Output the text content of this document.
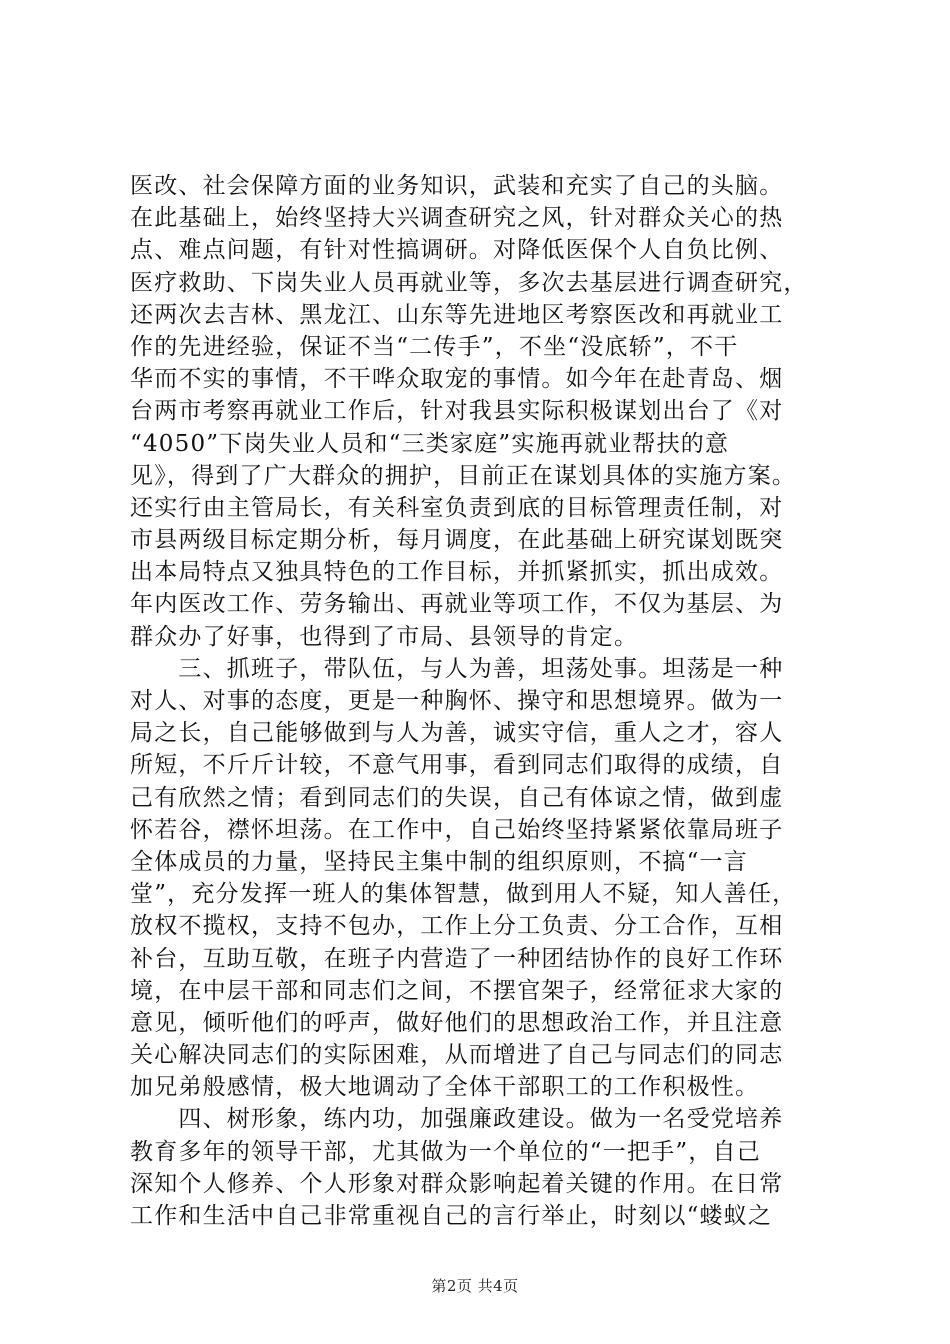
医改、社会保障方面的业务知识，武装和充实了自己的头脑。
在此基础上，始终坚持大兴调查研究之风，针对群众关心的热
点、难点问题，有针对性搞调研。对降低医保个人自负比例、
医疗救助、下岗失业人员再就业等，多次去基层进行调查研究，
还两次去吉林、黑龙江、山东等先进地区考察医改和再就业工
作的先进经验，保证不当“二传手”，不坐“没底轿”，不干
华而不实的事情，不干哗众取宠的事情。如今年在赴青岛、烟
台两市考察再就业工作后，针对我县实际积极谋划出台了《对
“4050”下岗失业人员和“三类家庭”实施再就业帮扶的意
见》，得到了广大群众的拥护，目前正在谋划具体的实施方案。
还实行由主管局长，有关科室负责到底的目标管理责任制，对
市县两级目标定期分析，每月调度，在此基础上研究谋划既突
出本局特点又独具特色的工作目标，并抓紧抓实，抓出成效。
年内医改工作、劳务输出、再就业等项工作，不仅为基层、为
群众办了好事，也得到了市局、县领导的肯定。
　　三、抓班子，带队伍，与人为善，坦荡处事。坦荡是一种
对人、对事的态度，更是一种胸怀、操守和思想境界。做为一
局之长，自己能够做到与人为善，诚实守信，重人之才，容人
所短，不斤斤计较，不意气用事，看到同志们取得的成绩，自
己有欣然之情；看到同志们的失误，自己有体谅之情，做到虚
怀若谷，襟怀坦荡。在工作中，自己始终坚持紧紧依靠局班子
全体成员的力量，坚持民主集中制的组织原则，不搞“一言
堂”，充分发挥一班人的集体智慧，做到用人不疑，知人善任，
放权不揽权，支持不包办，工作上分工负责、分工合作，互相
补台，互助互敬，在班子内营造了一种团结协作的良好工作环
境，在中层干部和同志们之间，不摆官架子，经常征求大家的
意见，倾听他们的呼声，做好他们的思想政治工作，并且注意
关心解决同志们的实际困难，从而增进了自己与同志们的同志
加兄弟般感情，极大地调动了全体干部职工的工作积极性。
　　四、树形象，练内功，加强廉政建设。做为一名受党培养
教育多年的领导干部，尤其做为一个单位的“一把手”，自己
深知个人修养、个人形象对群众影响起着关键的作用。在日常
工作和生活中自己非常重视自己的言行举止，时刻以“蝼蚁之
第2页 共4页
